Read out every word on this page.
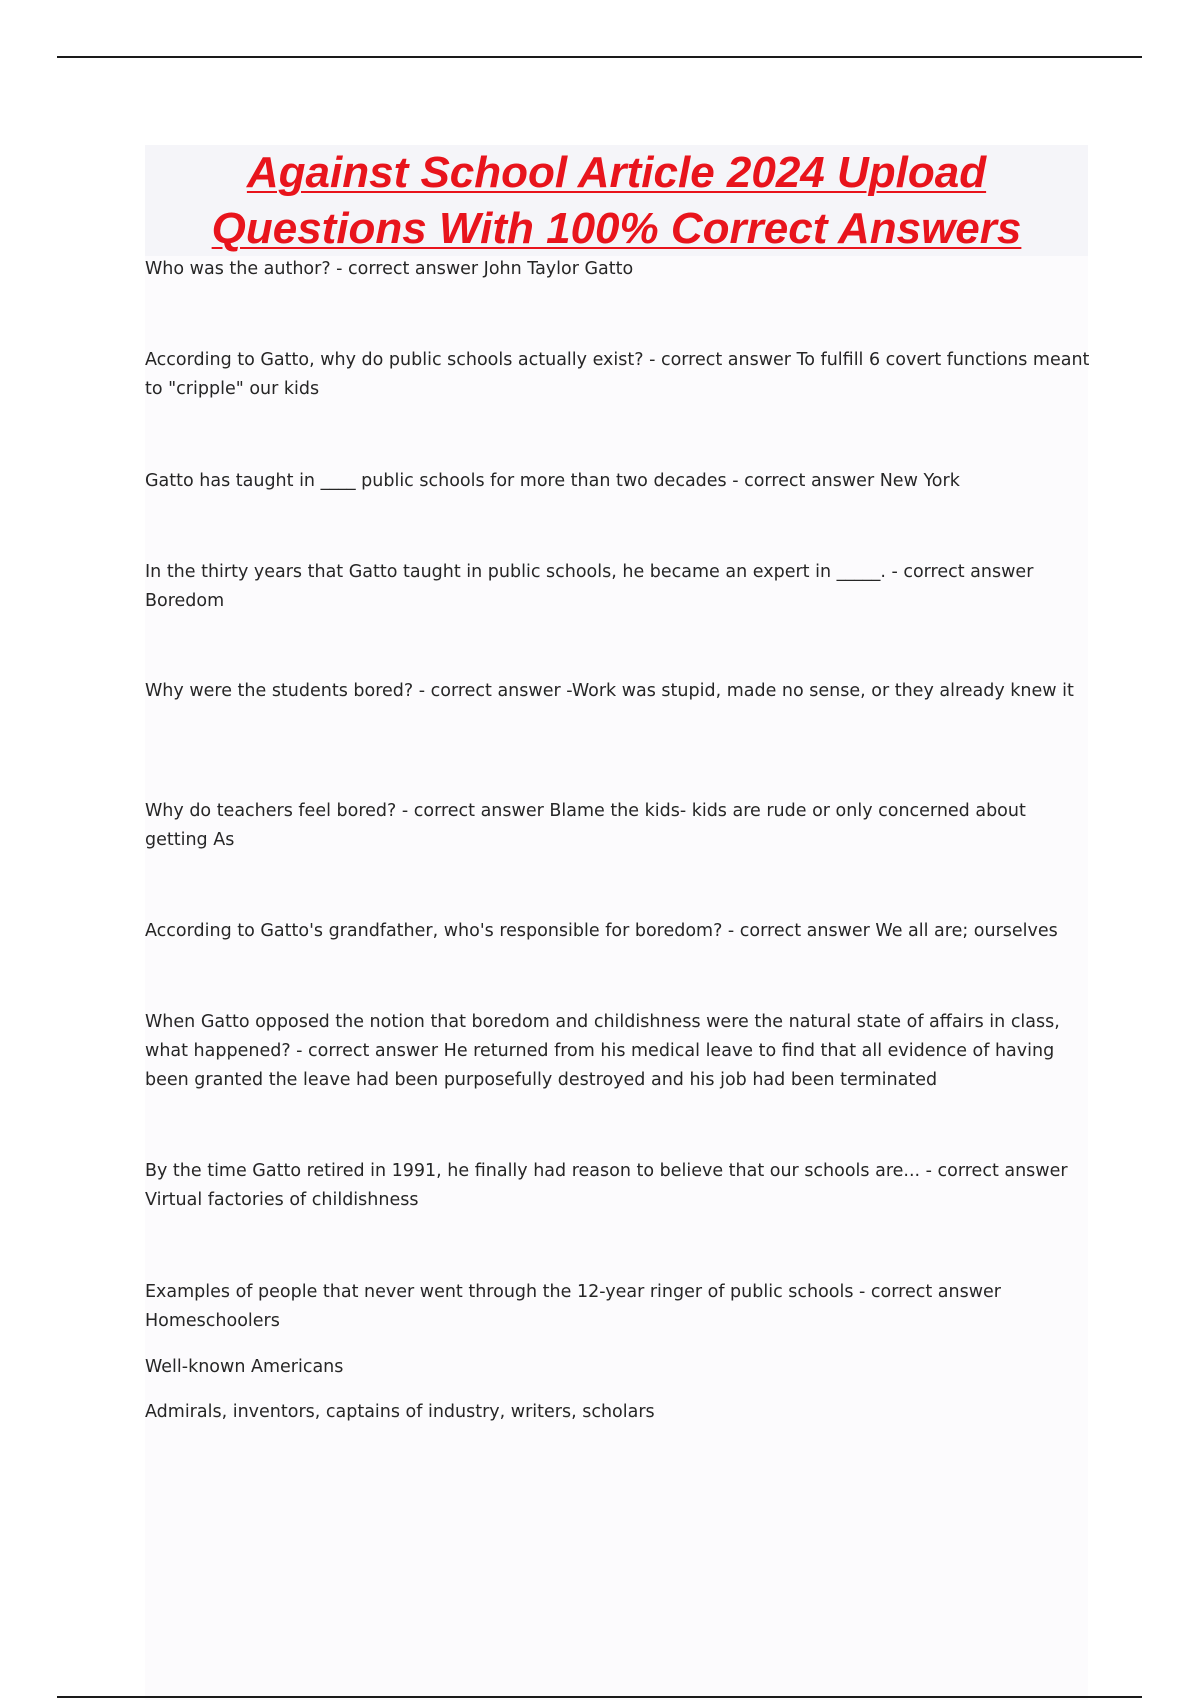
Against School Article 2024 Upload
Questions With 100% Correct Answers

Who was the author? - correct answer John Taylor Gatto

According to Gatto, why do public schools actually exist? - correct answer To fulfill 6 covert functions meant to "cripple" our kids

Gatto has taught in ____ public schools for more than two decades - correct answer New York

In the thirty years that Gatto taught in public schools, he became an expert in _____. - correct answer Boredom

Why were the students bored? - correct answer -Work was stupid, made no sense, or they already knew it

Why do teachers feel bored? - correct answer Blame the kids- kids are rude or only concerned about getting As

According to Gatto's grandfather, who's responsible for boredom? - correct answer We all are; ourselves

When Gatto opposed the notion that boredom and childishness were the natural state of affairs in class, what happened? - correct answer He returned from his medical leave to find that all evidence of having been granted the leave had been purposefully destroyed and his job had been terminated

By the time Gatto retired in 1991, he finally had reason to believe that our schools are... - correct answer Virtual factories of childishness

Examples of people that never went through the 12-year ringer of public schools - correct answer Homeschoolers

Well-known Americans

Admirals, inventors, captains of industry, writers, scholars
